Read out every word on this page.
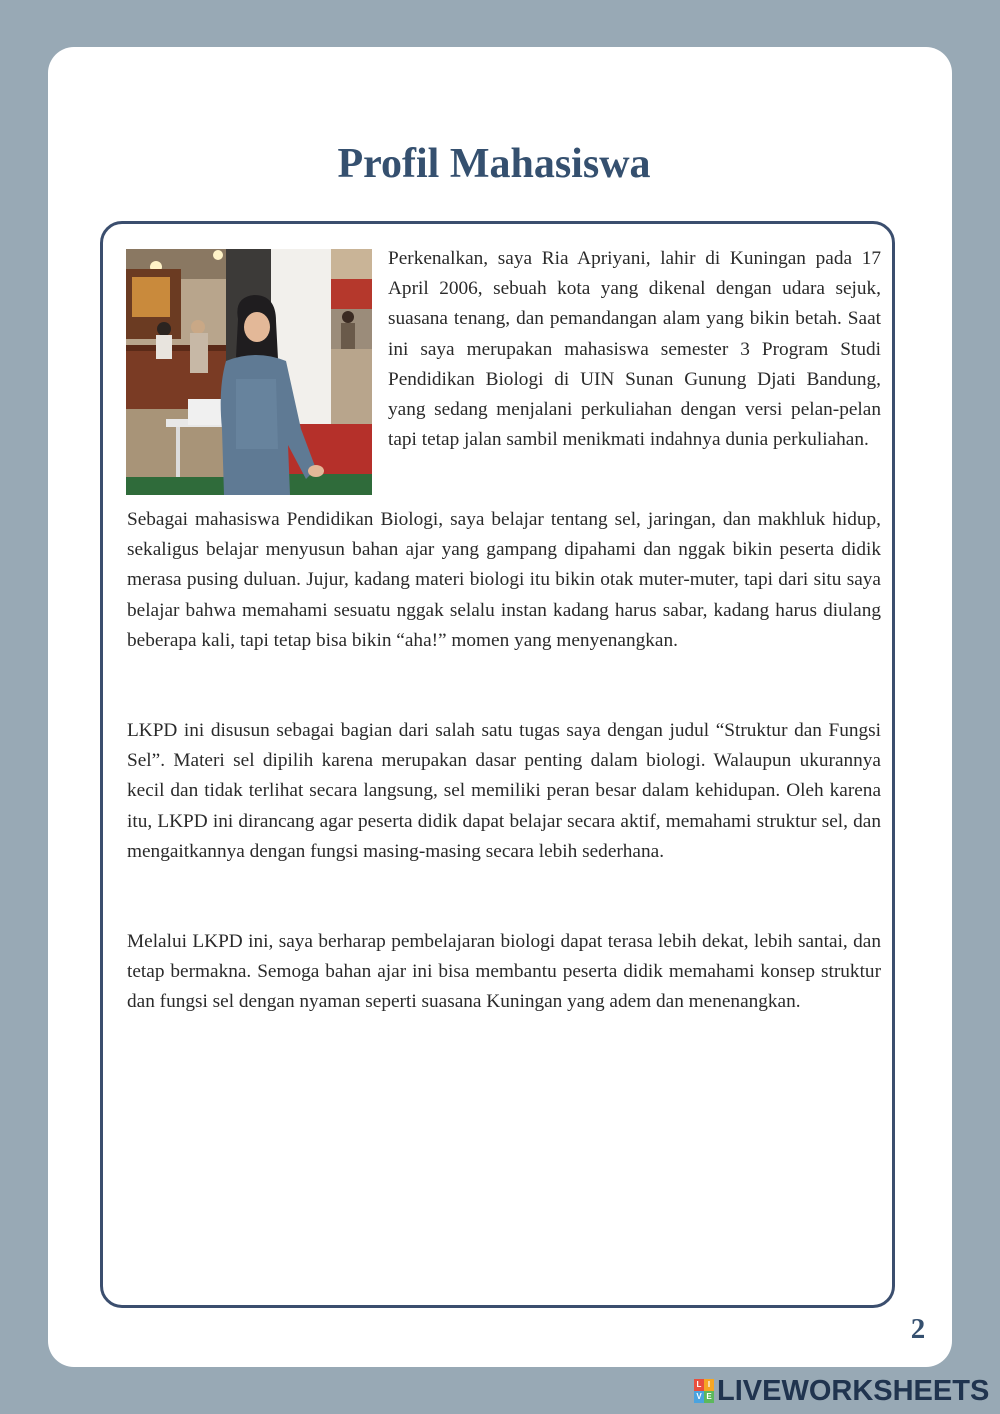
Profil Mahasiswa

Perkenalkan, saya Ria Apriyani, lahir di Kuningan pada 17 April 2006, sebuah kota yang dikenal dengan udara sejuk, suasana tenang, dan pemandangan alam yang bikin betah. Saat ini saya merupakan mahasiswa semester 3 Program Studi Pendidikan Biologi di UIN Sunan Gunung Djati Bandung, yang sedang menjalani perkuliahan dengan versi pelan-pelan tapi tetap jalan sambil menikmati indahnya dunia perkuliahan.

Sebagai mahasiswa Pendidikan Biologi, saya belajar tentang sel, jaringan, dan makhluk hidup, sekaligus belajar menyusun bahan ajar yang gampang dipahami dan nggak bikin peserta didik merasa pusing duluan. Jujur, kadang materi biologi itu bikin otak muter-muter, tapi dari situ saya belajar bahwa memahami sesuatu nggak selalu instan kadang harus sabar, kadang harus diulang beberapa kali, tapi tetap bisa bikin “aha!” momen yang menyenangkan.

LKPD ini disusun sebagai bagian dari salah satu tugas saya dengan judul “Struktur dan Fungsi Sel”. Materi sel dipilih karena merupakan dasar penting dalam biologi. Walaupun ukurannya kecil dan tidak terlihat secara langsung, sel memiliki peran besar dalam kehidupan. Oleh karena itu, LKPD ini dirancang agar peserta didik dapat belajar secara aktif, memahami struktur sel, dan mengaitkannya dengan fungsi masing-masing secara lebih sederhana.

Melalui LKPD ini, saya berharap pembelajaran biologi dapat terasa lebih dekat, lebih santai, dan tetap bermakna. Semoga bahan ajar ini bisa membantu peserta didik memahami konsep struktur dan fungsi sel dengan nyaman seperti suasana Kuningan yang adem dan menenangkan.

2
L I
V E LIVEWORKSHEETS
